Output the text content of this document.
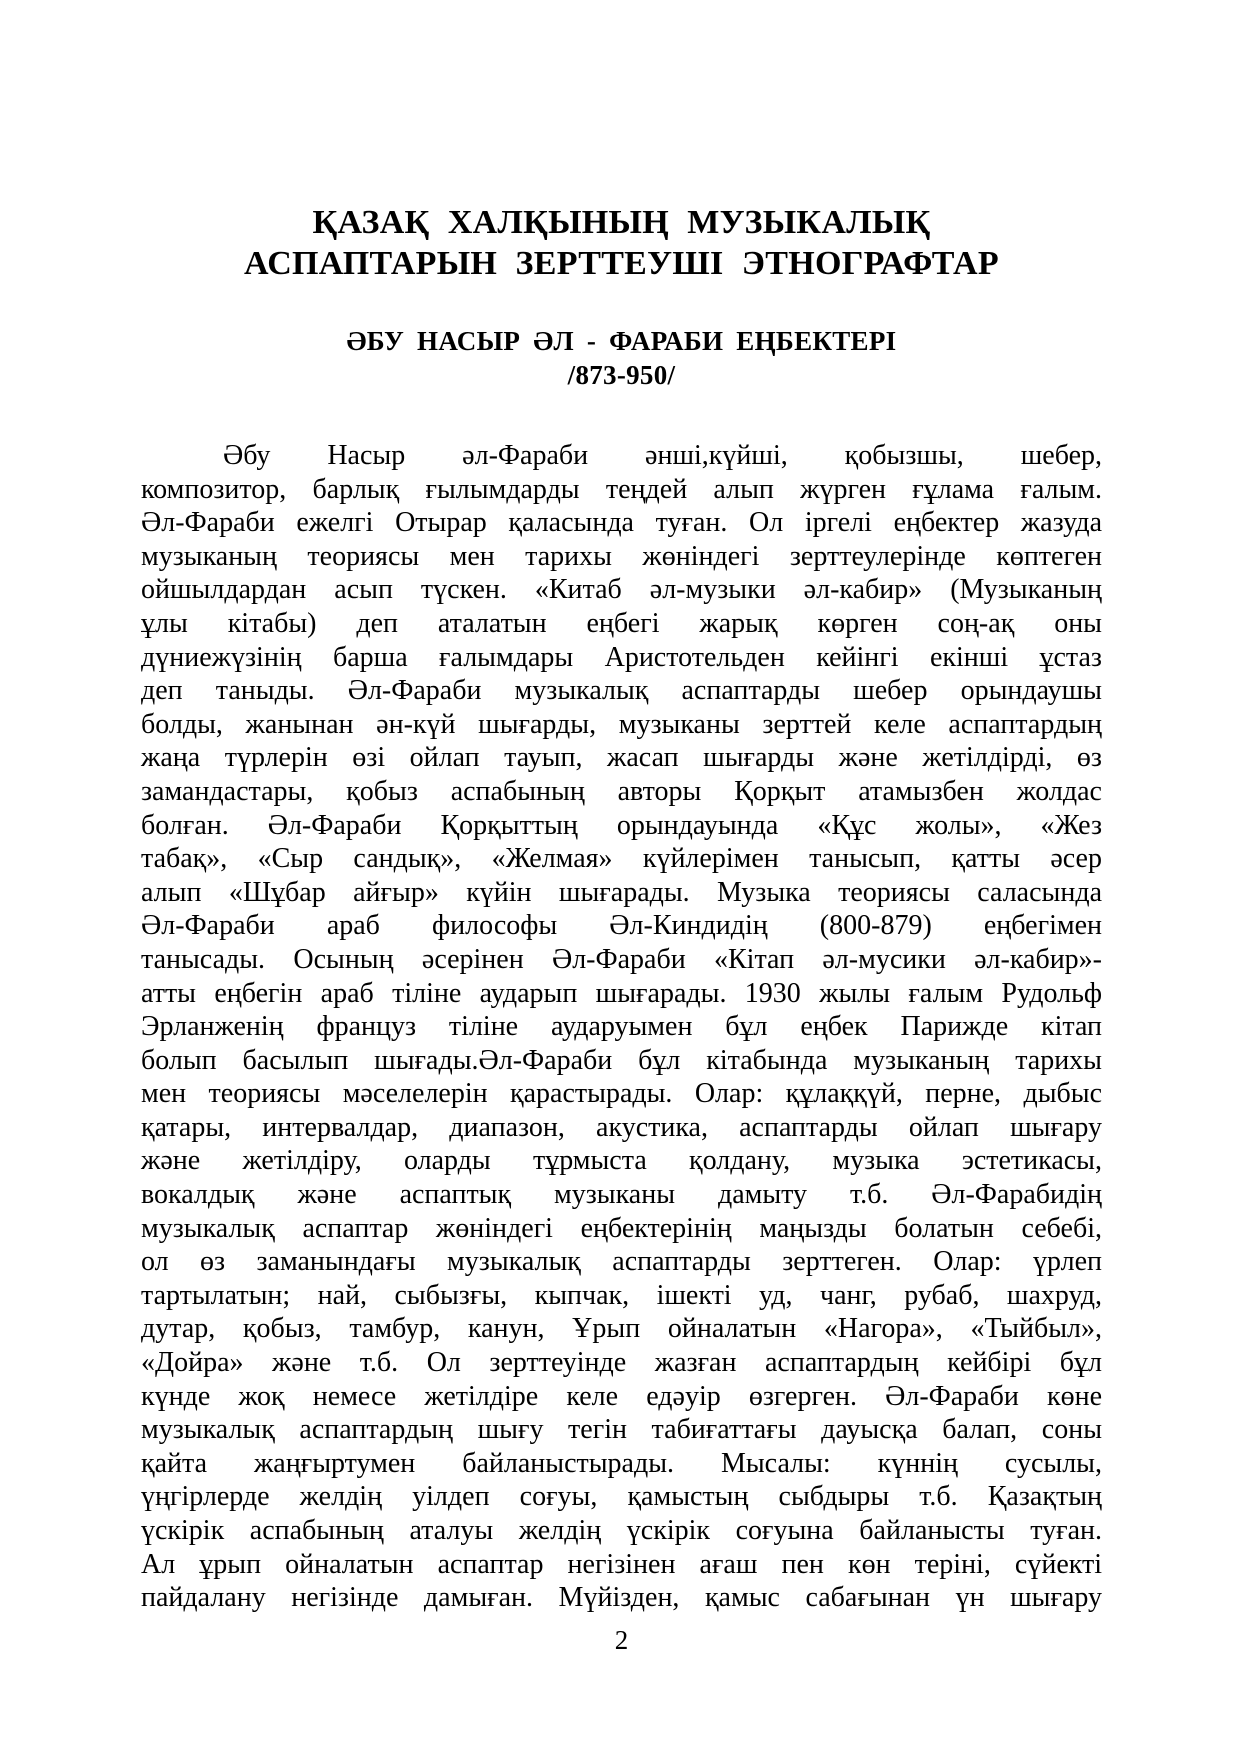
ҚАЗАҚ ХАЛҚЫНЫҢ МУЗЫКАЛЫҚ
АСПАПТАРЫН ЗЕРТТЕУШІ ЭТНОГРАФТАР
ӘБУ НАСЫР ӘЛ - ФАРАБИ ЕҢБЕКТЕРІ
/873-950/
Әбу Насыр әл-Фараби әнші,күйші, қобызшы, шебер,
композитор, барлық ғылымдарды теңдей алып жүрген ғұлама ғалым.
Әл-Фараби ежелгі Отырар қаласында туған. Ол іргелі еңбектер жазуда
музыканың теориясы мен тарихы жөніндегі зерттеулерінде көптеген
ойшылдардан асып түскен. «Китаб әл-музыки әл-кабир» (Музыканың
ұлы кітабы) деп аталатын еңбегі жарық көрген соң-ақ оны
дүниежүзінің барша ғалымдары Аристотельден кейінгі екінші ұстаз
деп таныды. Әл-Фараби музыкалық аспаптарды шебер орындаушы
болды, жанынан ән-күй шығарды, музыканы зерттей келе аспаптардың
жаңа түрлерін өзі ойлап тауып, жасап шығарды және жетілдірді, өз
замандастары, қобыз аспабының авторы Қорқыт атамызбен жолдас
болған. Әл-Фараби Қорқыттың орындауында «Құс жолы», «Жез
табақ», «Сыр сандық», «Желмая» күйлерімен танысып, қатты әсер
алып «Шұбар айғыр» күйін шығарады. Музыка теориясы саласында
Әл-Фараби араб философы Әл-Киндидің (800-879) еңбегімен
танысады. Осының әсерінен Әл-Фараби «Кітап әл-мусики әл-кабир»-
атты еңбегін араб тіліне аударып шығарады. 1930 жылы ғалым Рудольф
Эрланженің француз тіліне аударуымен бұл еңбек Парижде кітап
болып басылып шығады.Әл-Фараби бұл кітабында музыканың тарихы
мен теориясы мәселелерін қарастырады. Олар: құлаққүй, перне, дыбыс
қатары, интервалдар, диапазон, акустика, аспаптарды ойлап шығару
және жетілдіру, оларды тұрмыста қолдану, музыка эстетикасы,
вокалдық және аспаптық музыканы дамыту т.б. Әл-Фарабидің
музыкалық аспаптар жөніндегі еңбектерінің маңызды болатын себебі,
ол өз заманындағы музыкалық аспаптарды зерттеген. Олар: үрлеп
тартылатын; най, сыбызғы, кыпчак, ішекті уд, чанг, рубаб, шахруд,
дутар, қобыз, тамбур, канун, Ұрып ойналатын «Нагора», «Тыйбыл»,
«Дойра» және т.б. Ол зерттеуінде жазған аспаптардың кейбірі бұл
күнде жоқ немесе жетілдіре келе едәуір өзгерген. Әл-Фараби көне
музыкалық аспаптардың шығу тегін табиғаттағы дауысқа балап, соны
қайта жаңғыртумен байланыстырады. Мысалы: күннің сусылы,
үңгірлерде желдің уілдеп соғуы, қамыстың сыбдыры т.б. Қазақтың
үскірік аспабының аталуы желдің үскірік соғуына байланысты туған.
Ал ұрып ойналатын аспаптар негізінен ағаш пен көн теріні, сүйекті
пайдалану негізінде дамыған. Мүйізден, қамыс сабағынан үн шығару
2
